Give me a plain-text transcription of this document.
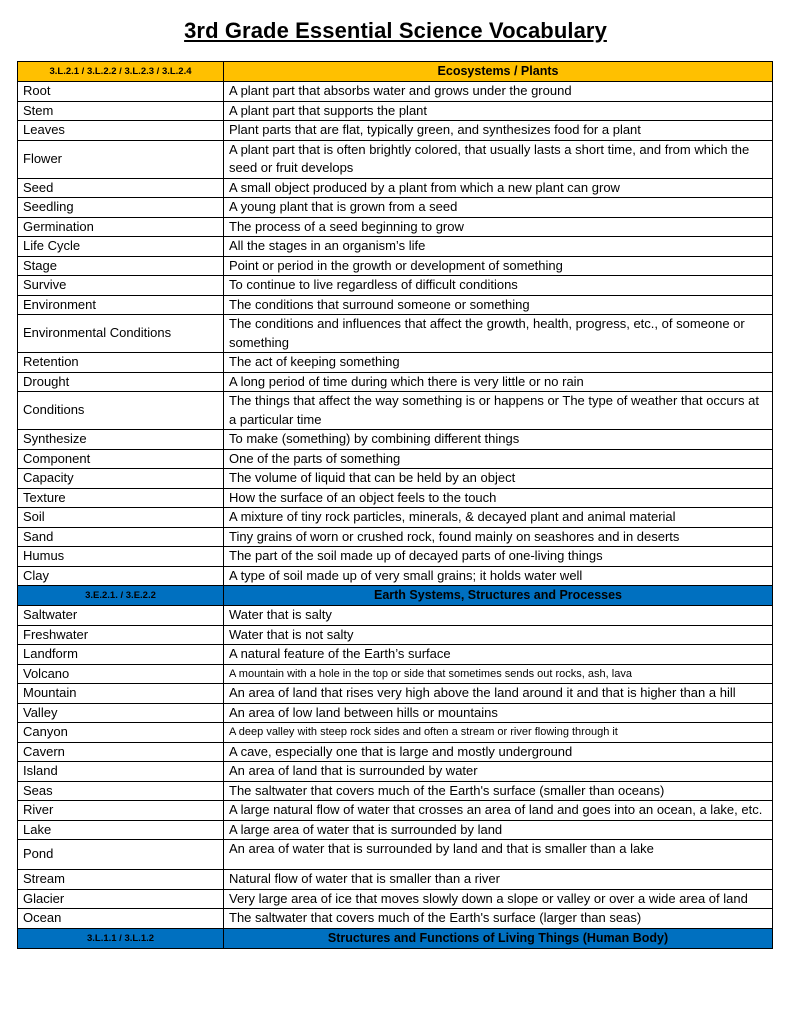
3rd Grade Essential Science Vocabulary
3.L.2.1 / 3.L.2.2 / 3.L.2.3 / 3.L.2.4	Ecosystems / Plants
Root	A plant part that absorbs water and grows under the ground
Stem	A plant part that supports the plant
Leaves	Plant parts that are flat, typically green, and synthesizes food for a plant
Flower	A plant part that is often brightly colored, that usually lasts a short time, and from which the seed or fruit develops
Seed	A small object produced by a plant from which a new plant can grow
Seedling	A young plant that is grown from a seed
Germination	The process of a seed beginning to grow
Life Cycle	All the stages in an organism’s life
Stage	Point or period in the growth or development of something
Survive	To continue to live regardless of difficult conditions
Environment	The conditions that surround someone or something
Environmental Conditions	The conditions and influences that affect the growth, health, progress, etc., of someone or something
Retention	The act of keeping something
Drought	A long period of time during which there is very little or no rain
Conditions	The things that affect the way something is or happens or The type of weather that occurs at a particular time
Synthesize	To make (something) by combining different things
Component	One of the parts of something
Capacity	The volume of liquid that can be held by an object
Texture	How the surface of an object feels to the touch
Soil	A mixture of tiny rock particles, minerals, & decayed plant and animal material
Sand	Tiny grains of worn or crushed rock, found mainly on seashores and in deserts
Humus	The part of the soil made up of decayed parts of one-living things
Clay	A type of soil made up of very small grains; it holds water well
3.E.2.1. / 3.E.2.2	Earth Systems, Structures and Processes
Saltwater	Water that is salty
Freshwater	Water that is not salty
Landform	A natural feature of the Earth’s surface
Volcano	A mountain with a hole in the top or side that sometimes sends out rocks, ash, lava
Mountain	An area of land that rises very high above the land around it and that is higher than a hill
Valley	An area of low land between hills or mountains
Canyon	A deep valley with steep rock sides and often a stream or river flowing through it
Cavern	A cave, especially one that is large and mostly underground
Island	An area of land that is surrounded by water
Seas	The saltwater that covers much of the Earth's surface (smaller than oceans)
River	A large natural flow of water that crosses an area of land and goes into an ocean, a lake, etc.
Lake	A large area of water that is surrounded by land
Pond	An area of water that is surrounded by land and that is smaller than a lake
Stream	Natural flow of water that is smaller than a river
Glacier	Very large area of ice that moves slowly down a slope or valley or over a wide area of land
Ocean	The saltwater that covers much of the Earth's surface (larger than seas)
3.L.1.1 / 3.L.1.2	Structures and Functions of Living Things (Human Body)
